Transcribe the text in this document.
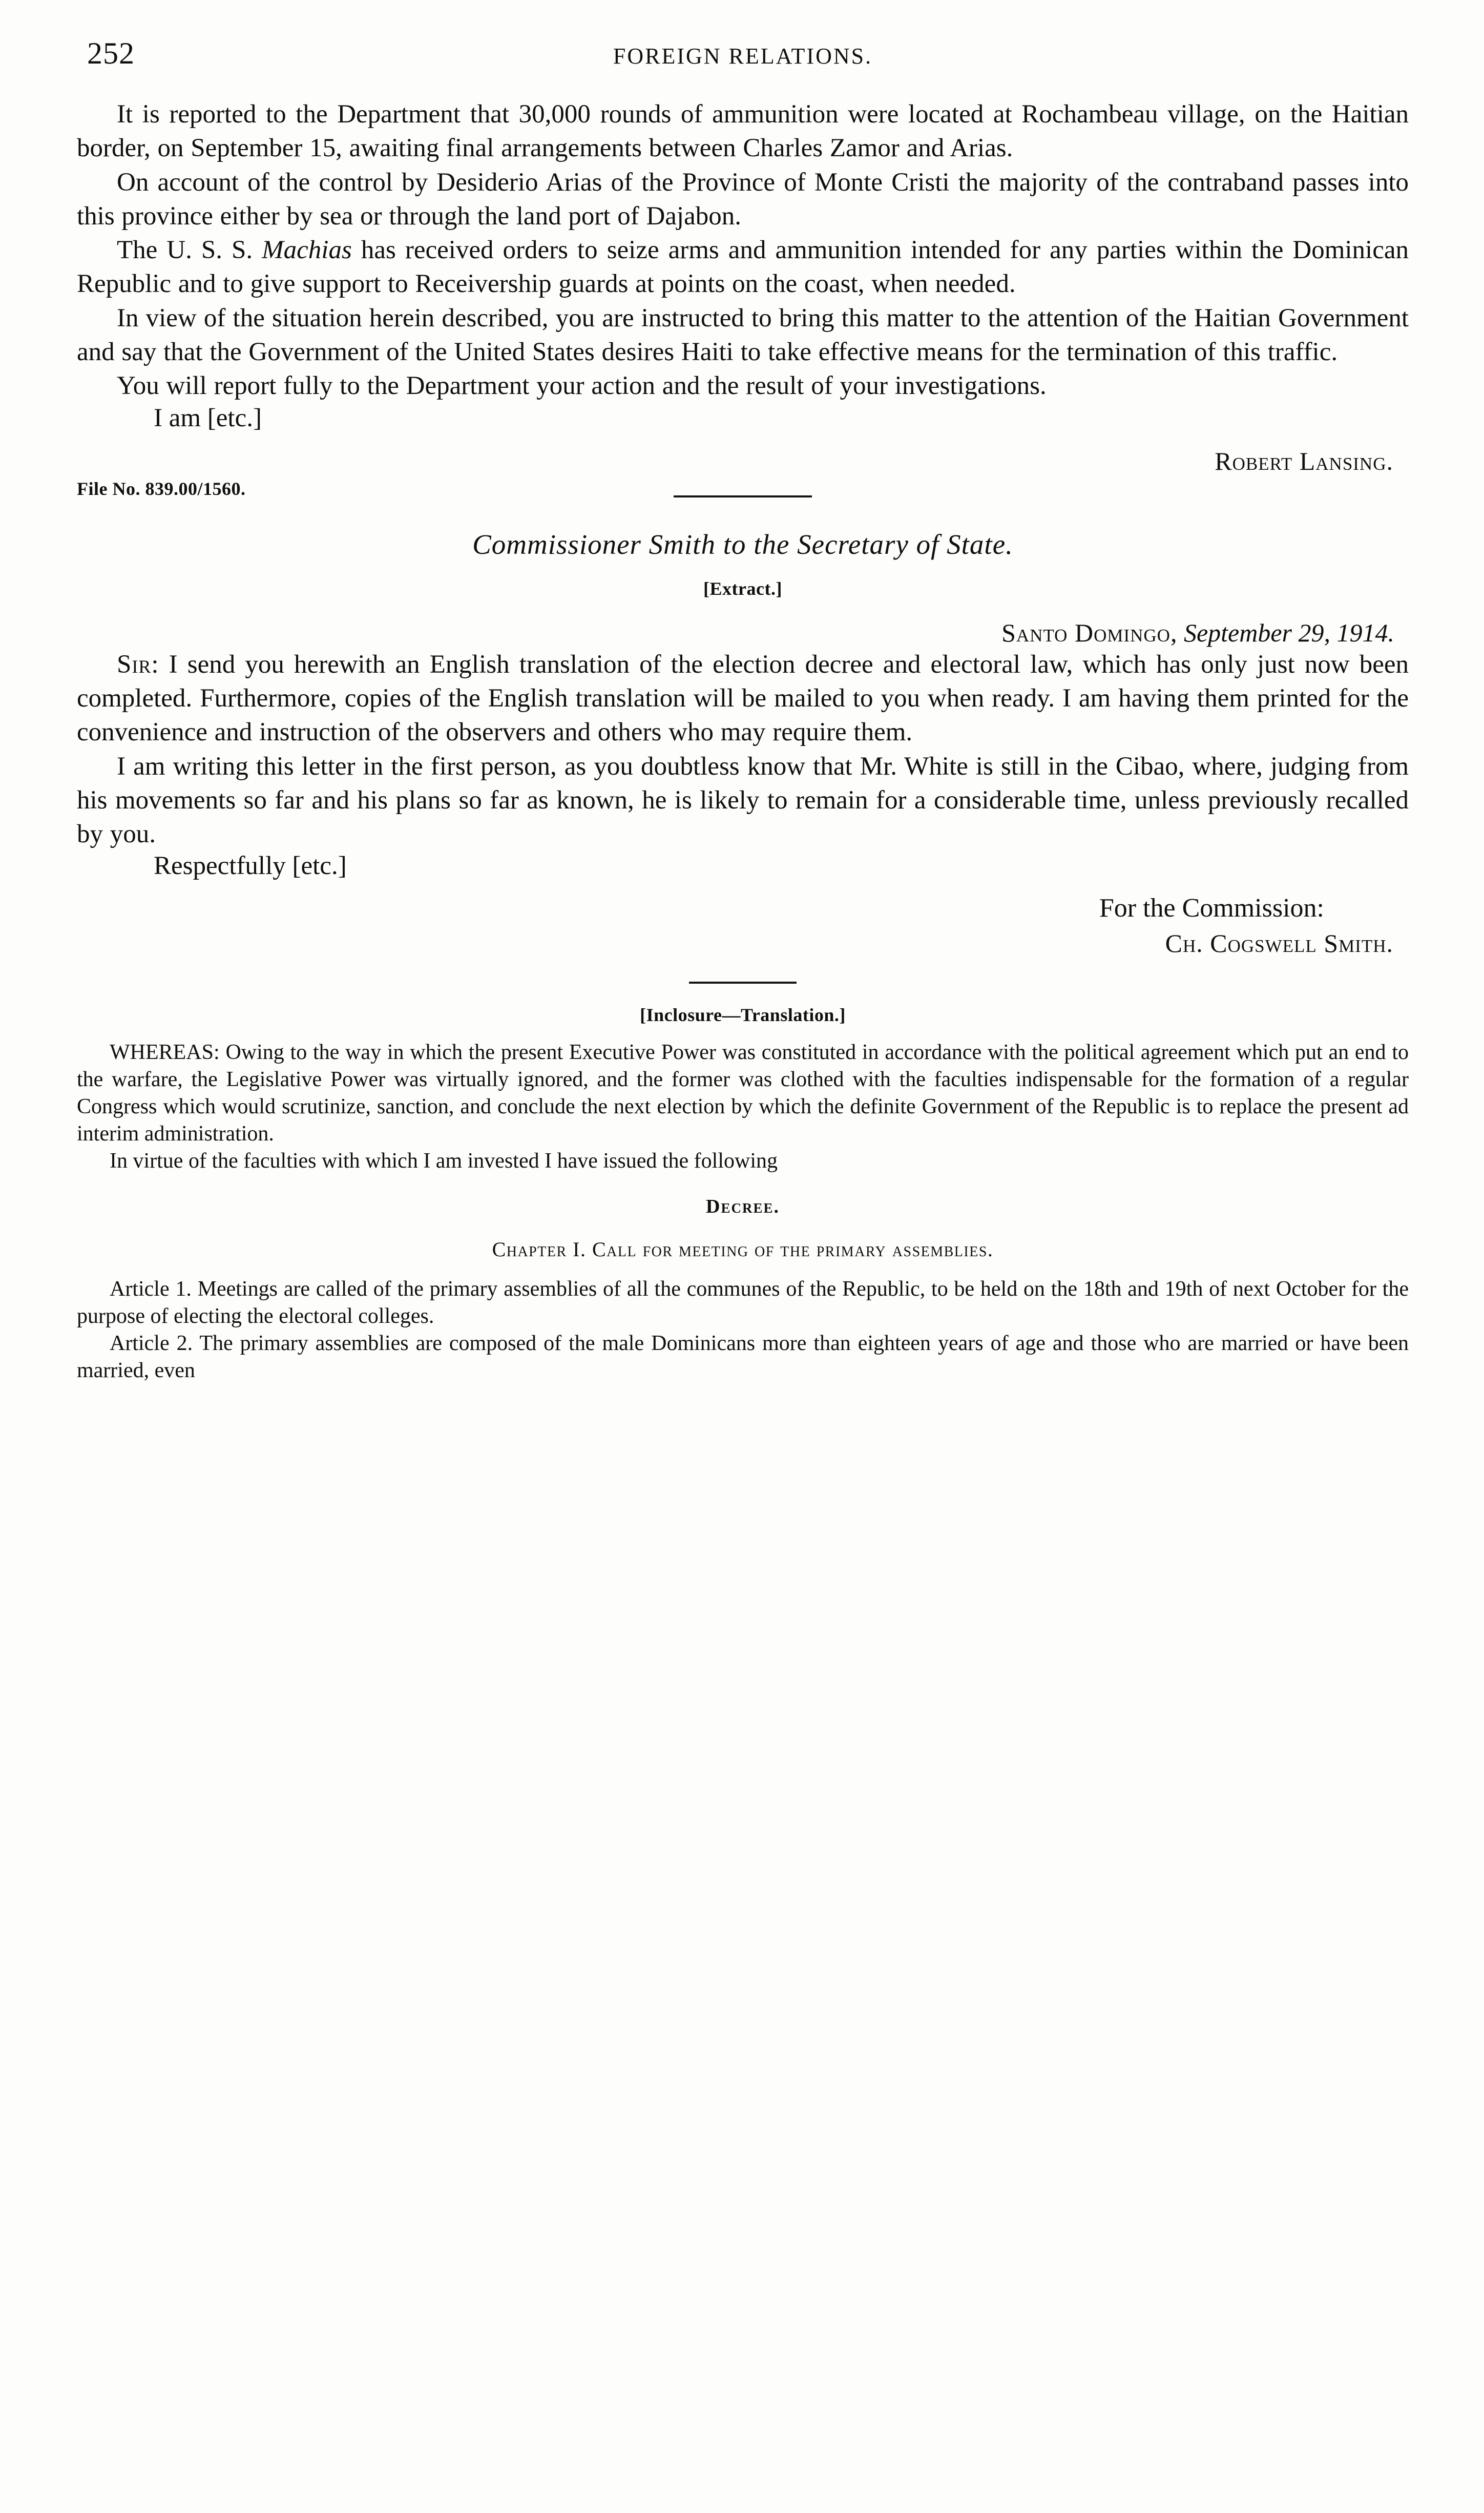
252	FOREIGN RELATIONS.

It is reported to the Department that 30,000 rounds of ammunition were located at Rochambeau village, on the Haitian border, on September 15, awaiting final arrangements between Charles Zamor and Arias.

On account of the control by Desiderio Arias of the Province of Monte Cristi the majority of the contraband passes into this province either by sea or through the land port of Dajabon.

The U. S. S. Machias has received orders to seize arms and ammunition intended for any parties within the Dominican Republic and to give support to Receivership guards at points on the coast, when needed.

In view of the situation herein described, you are instructed to bring this matter to the attention of the Haitian Government and say that the Government of the United States desires Haiti to take effective means for the termination of this traffic.

You will report fully to the Department your action and the result of your investigations.

I am [etc.]

Robert Lansing.
File No. 839.00/1560.
Commissioner Smith to the Secretary of State.
[Extract.]
Santo Domingo, September 29, 1914.

Sir: I send you herewith an English translation of the election decree and electoral law, which has only just now been completed. Furthermore, copies of the English translation will be mailed to you when ready. I am having them printed for the convenience and instruction of the observers and others who may require them.

I am writing this letter in the first person, as you doubtless know that Mr. White is still in the Cibao, where, judging from his movements so far and his plans so far as known, he is likely to remain for a considerable time, unless previously recalled by you.

Respectfully [etc.]

For the Commission:
Ch. Cogswell Smith.
[Inclosure—Translation.]

WHEREAS: Owing to the way in which the present Executive Power was constituted in accordance with the political agreement which put an end to the warfare, the Legislative Power was virtually ignored, and the former was clothed with the faculties indispensable for the formation of a regular Congress which would scrutinize, sanction, and conclude the next election by which the definite Government of the Republic is to replace the present ad interim administration.

In virtue of the faculties with which I am invested I have issued the following

Decree.
Chapter I. Call for meeting of the primary assemblies.

Article 1. Meetings are called of the primary assemblies of all the communes of the Republic, to be held on the 18th and 19th of next October for the purpose of electing the electoral colleges.

Article 2. The primary assemblies are composed of the male Dominicans more than eighteen years of age and those who are married or have been married, even
